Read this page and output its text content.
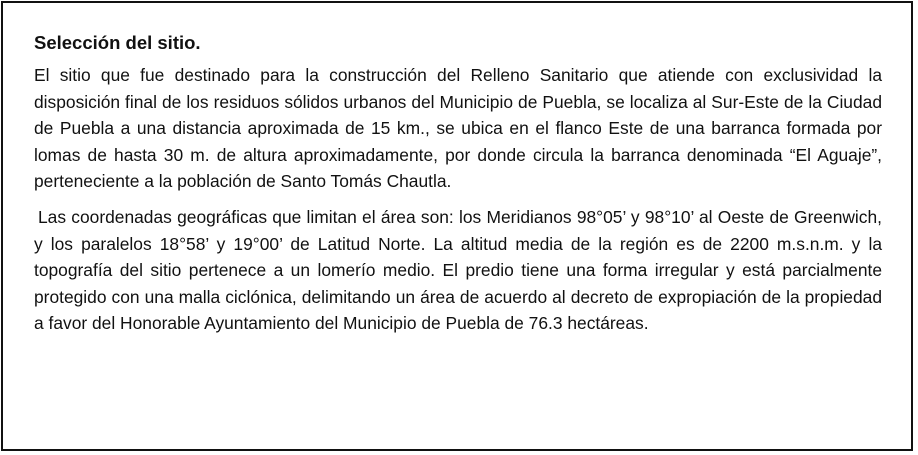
Selección del sitio.

El sitio que fue destinado para la construcción del Relleno Sanitario que atiende con exclusividad la disposición final de los residuos sólidos urbanos del Municipio de Puebla, se localiza al Sur-Este de la Ciudad de Puebla a una distancia aproximada de 15 km., se ubica en el flanco Este de una barranca formada por lomas de hasta 30 m. de altura aproximadamente, por donde circula la barranca denominada “El Aguaje”, perteneciente a la población de Santo Tomás Chautla.

Las coordenadas geográficas que limitan el área son: los Meridianos 98°05’ y 98°10’ al Oeste de Greenwich, y los paralelos 18°58’ y 19°00’ de Latitud Norte. La altitud media de la región es de 2200 m.s.n.m. y la topografía del sitio pertenece a un lomerío medio. El predio tiene una forma irregular y está parcialmente protegido con una malla ciclónica, delimitando un área de acuerdo al decreto de expropiación de la propiedad a favor del Honorable Ayuntamiento del Municipio de Puebla de 76.3 hectáreas.
